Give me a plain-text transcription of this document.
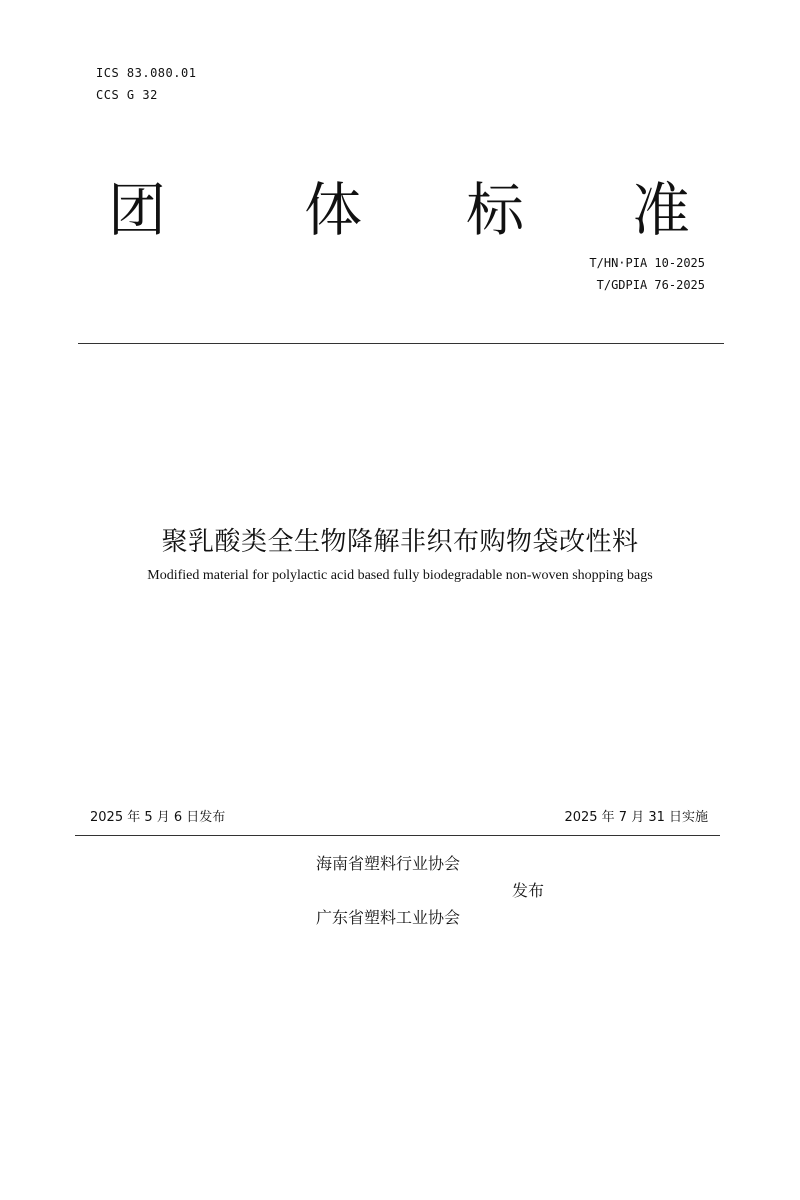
ICS 83.080.01
CCS G 32
团 体 标 准
T/HN·PIA 10-2025
T/GDPIA 76-2025
聚乳酸类全生物降解非织布购物袋改性料
Modified material for polylactic acid based fully biodegradable non-woven shopping bags
2025 年 5 月 6 日发布	2025 年 7 月 31 日实施
海南省塑料行业协会
发布
广东省塑料工业协会
